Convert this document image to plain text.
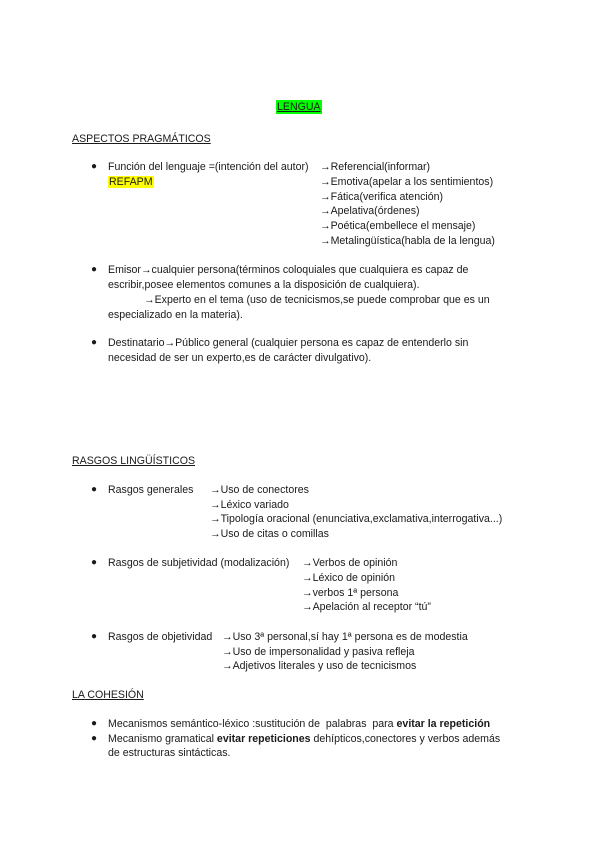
LENGUA
ASPECTOS PRAGMÁTICOS
● Función del lenguaje =(intención del autor)
REFAPM
→Referencial(informar)
→Emotiva(apelar a los sentimientos)
→Fática(verifica atención)
→Apelativa(órdenes)
→Poética(embellece el mensaje)
→Metalingüística(habla de la lengua)
● Emisor→cualquier persona(términos coloquiales que cualquiera es capaz de
escribir,posee elementos comunes a la disposición de cualquiera).
→Experto en el tema (uso de tecnicismos,se puede comprobar que es un
especializado en la materia).
● Destinatario→Público general (cualquier persona es capaz de entenderlo sin
necesidad de ser un experto,es de carácter divulgativo).
RASGOS LINGÜÍSTICOS
● Rasgos generales →Uso de conectores
→Léxico variado
→Tipología oracional (enunciativa,exclamativa,interrogativa...)
→Uso de citas o comillas
● Rasgos de subjetividad (modalización) →Verbos de opinión
→Léxico de opinión
→verbos 1ª persona
→Apelación al receptor “tú”
● Rasgos de objetividad →Uso 3ª personal,sí hay 1ª persona es de modestia
→Uso de impersonalidad y pasiva refleja
→Adjetivos literales y uso de tecnicismos
LA COHESIÓN
● Mecanismos semántico-léxico :sustitución de  palabras  para evitar la repetición
● Mecanismo gramatical evitar repeticiones dehípticos,conectores y verbos además
de estructuras sintácticas.
